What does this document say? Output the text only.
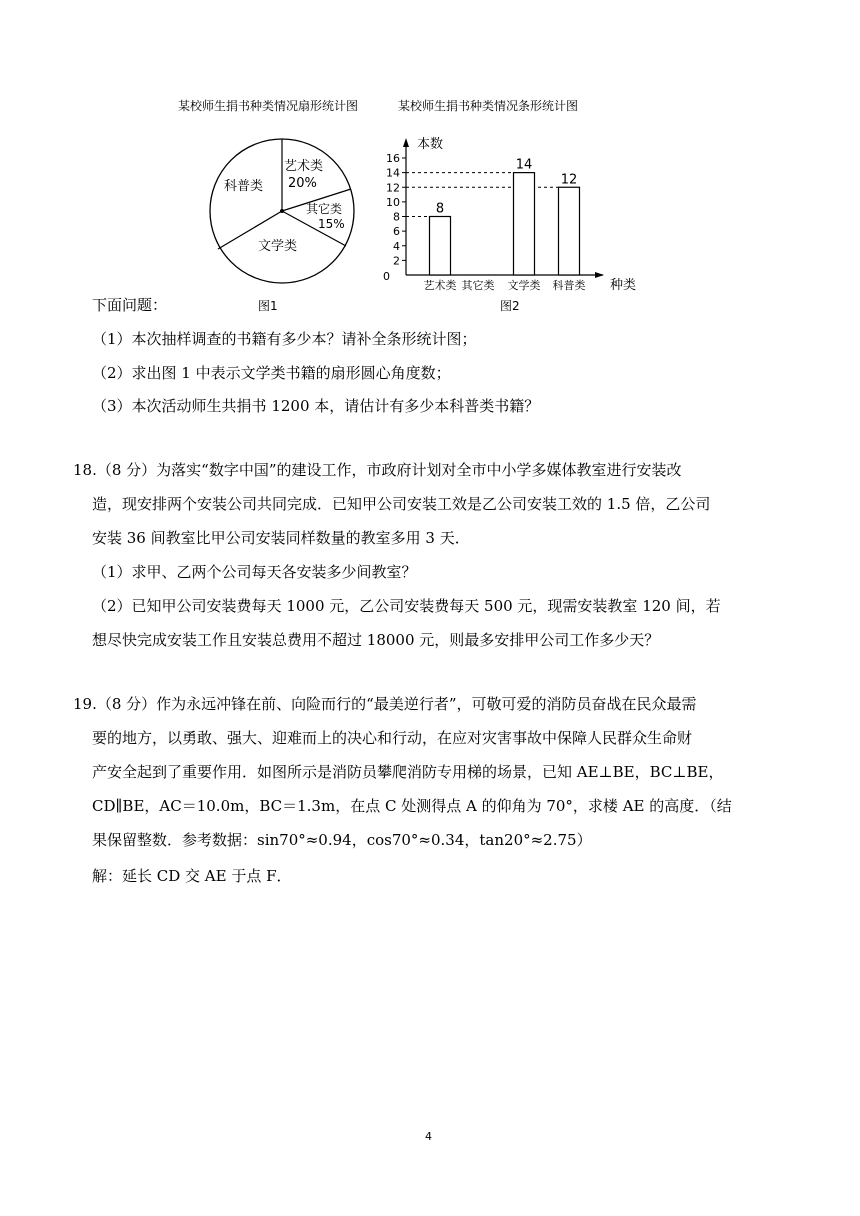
某校师生捐书种类情况扇形统计图	某校师生捐书种类情况条形统计图
艺术类
20%
其它类
15%
文学类
科普类
图1
0
2
4
6
8
10
12
14
16
8
艺术类 其它类
14
文学类
12
科普类
本数
种类
图2
下面问题：
（1）本次抽样调查的书籍有多少本？请补全条形统计图；
（2）求出图 1 中表示文学类书籍的扇形圆心角度数；
（3）本次活动师生共捐书 1200 本，请估计有多少本科普类书籍？
18.（8 分）为落实“数字中国”的建设工作，市政府计划对全市中小学多媒体教室进行安装改
造，现安排两个安装公司共同完成．已知甲公司安装工效是乙公司安装工效的 1.5 倍，乙公司
安装 36 间教室比甲公司安装同样数量的教室多用 3 天．
（1）求甲、乙两个公司每天各安装多少间教室？
（2）已知甲公司安装费每天 1000 元，乙公司安装费每天 500 元，现需安装教室 120 间，若
想尽快完成安装工作且安装总费用不超过 18000 元，则最多安排甲公司工作多少天？
19.（8 分）作为永远冲锋在前、向险而行的“最美逆行者”，可敬可爱的消防员奋战在民众最需
要的地方，以勇敢、强大、迎难而上的决心和行动，在应对灾害事故中保障人民群众生命财
产安全起到了重要作用．如图所示是消防员攀爬消防专用梯的场景，已知 AE⊥BE，BC⊥BE，
CD∥BE，AC＝10.0m，BC＝1.3m，在点 C 处测得点 A 的仰角为 70°，求楼 AE 的高度．（结
果保留整数．参考数据：sin70°≈0.94，cos70°≈0.34，tan20°≈2.75）
解：延长 CD 交 AE 于点 F．
4
